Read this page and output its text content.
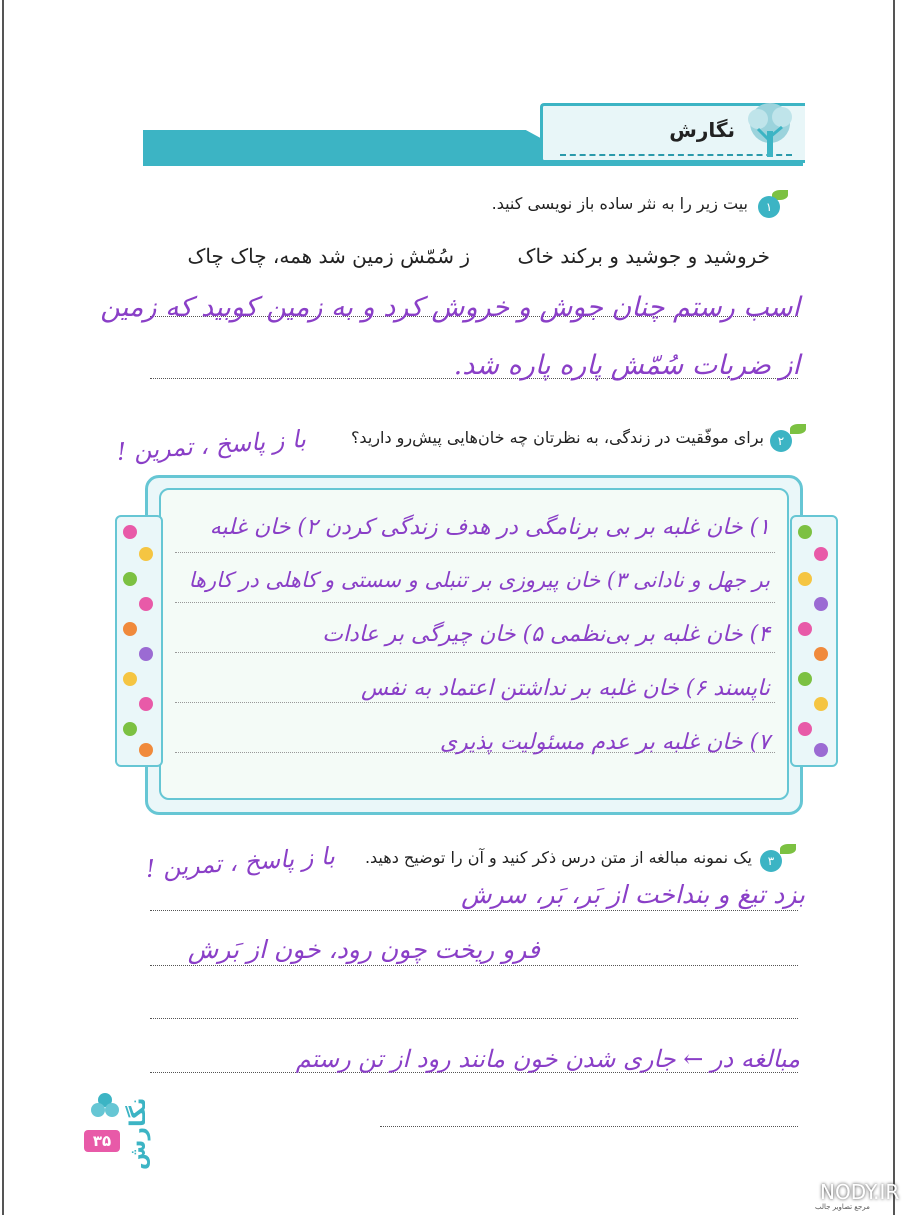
نگارش
۱
بیت زیر را به نثر ساده باز نویسی کنید.
خروشید و جوشید و برکند خاک
ز سُمّش زمین شد همه، چاک چاک
اسب رستم چنان جوش و خروش کرد و به زمین کوبید که زمین
از ضربات سُمّش پاره پاره شد.
۲
برای موفّقیت در زندگی، به نظرتان چه خان‌هایی پیش‌رو دارید؟
با ز پاسخ ، تمرین !
۱) خان غلبه بر بی برنامگی در هدف زندگی کردن ۲) خان غلبه
بر جهل و نادانی ۳) خان پیروزی بر تنبلی و سستی و کاهلی در کارها
۴) خان غلبه بر بی‌نظمی ۵) خان چیرگی بر عادات
ناپسند ۶) خان غلبه بر نداشتن اعتماد به نفس
۷) خان غلبه بر عدم مسئولیت پذیری
۳
یک نمونه مبالغه از متن درس ذکر کنید و آن را توضیح دهید.
با ز پاسخ ، تمرین !
بزد تیغ و بنداخت از بَر، بَر، سرش
فرو ریخت چون رود، خون از بَرش
مبالغه در ← جاری شدن خون مانند رود از تن رستم
۳۵ نگارش
NODY.IR
مرجع تصاویر جالب
